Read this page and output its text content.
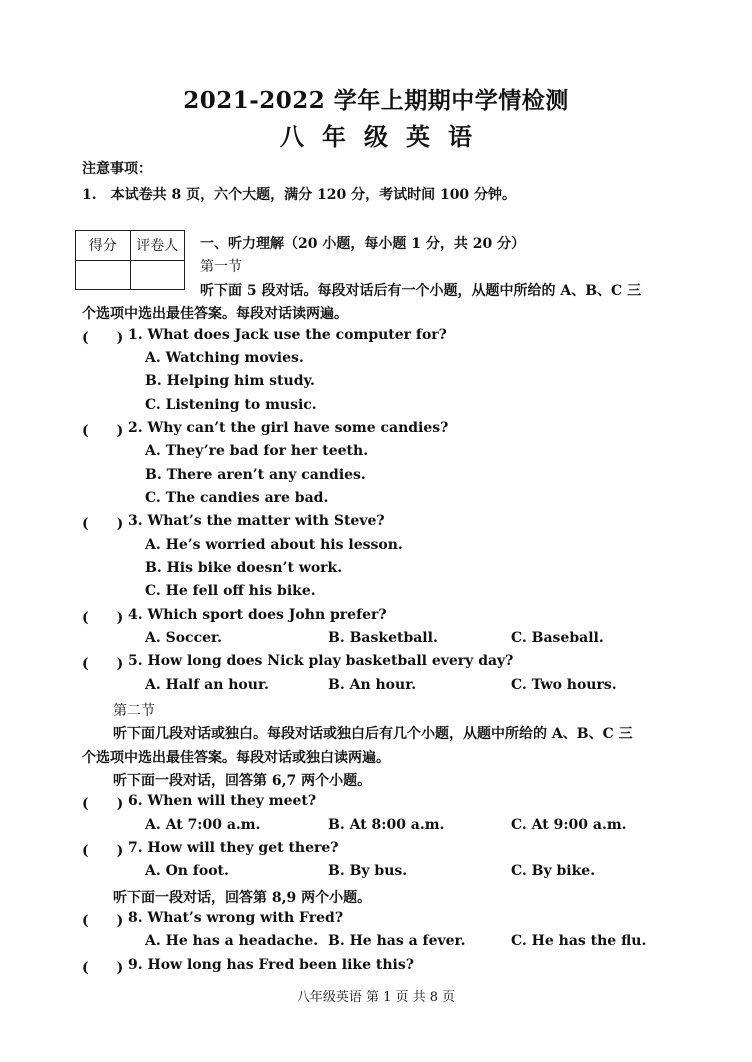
2021-2022 学年上期期中学情检测
八 年 级 英 语
注意事项：
1.　本试卷共 8 页，六个大题，满分 120 分，考试时间 100 分钟。
得分	评卷人
	一、听力理解（20 小题，每小题 1 分，共 20 分）
第一节
听下面 5 段对话。每段对话后有一个小题，从题中所给的 A、B、C 三
个选项中选出最佳答案。每段对话读两遍。
(　　) 1. What does Jack use the computer for?
A. Watching movies.
B. Helping him study.
C. Listening to music.
(　　) 2. Why can’t the girl have some candies?
A. They’re bad for her teeth.
B. There aren’t any candies.
C. The candies are bad.
(　　) 3. What’s the matter with Steve?
A. He’s worried about his lesson.
B. His bike doesn’t work.
C. He fell off his bike.
(　　) 4. Which sport does John prefer?
A. Soccer.	B. Basketball.	C. Baseball.
(　　) 5. How long does Nick play basketball every day?
A. Half an hour.	B. An hour.	C. Two hours.
第二节
听下面几段对话或独白。每段对话或独白后有几个小题，从题中所给的 A、B、C 三
个选项中选出最佳答案。每段对话或独白读两遍。
听下面一段对话，回答第 6,7 两个小题。
(　　) 6. When will they meet?
A. At 7:00 a.m.	B. At 8:00 a.m.	C. At 9:00 a.m.
(　　) 7. How will they get there?
A. On foot.	B. By bus.	C. By bike.
听下面一段对话，回答第 8,9 两个小题。
(　　) 8. What’s wrong with Fred?
A. He has a headache. B. He has a fever.	C. He has the flu.
(　　) 9. How long has Fred been like this?
八年级英语 第 1 页 共 8 页
